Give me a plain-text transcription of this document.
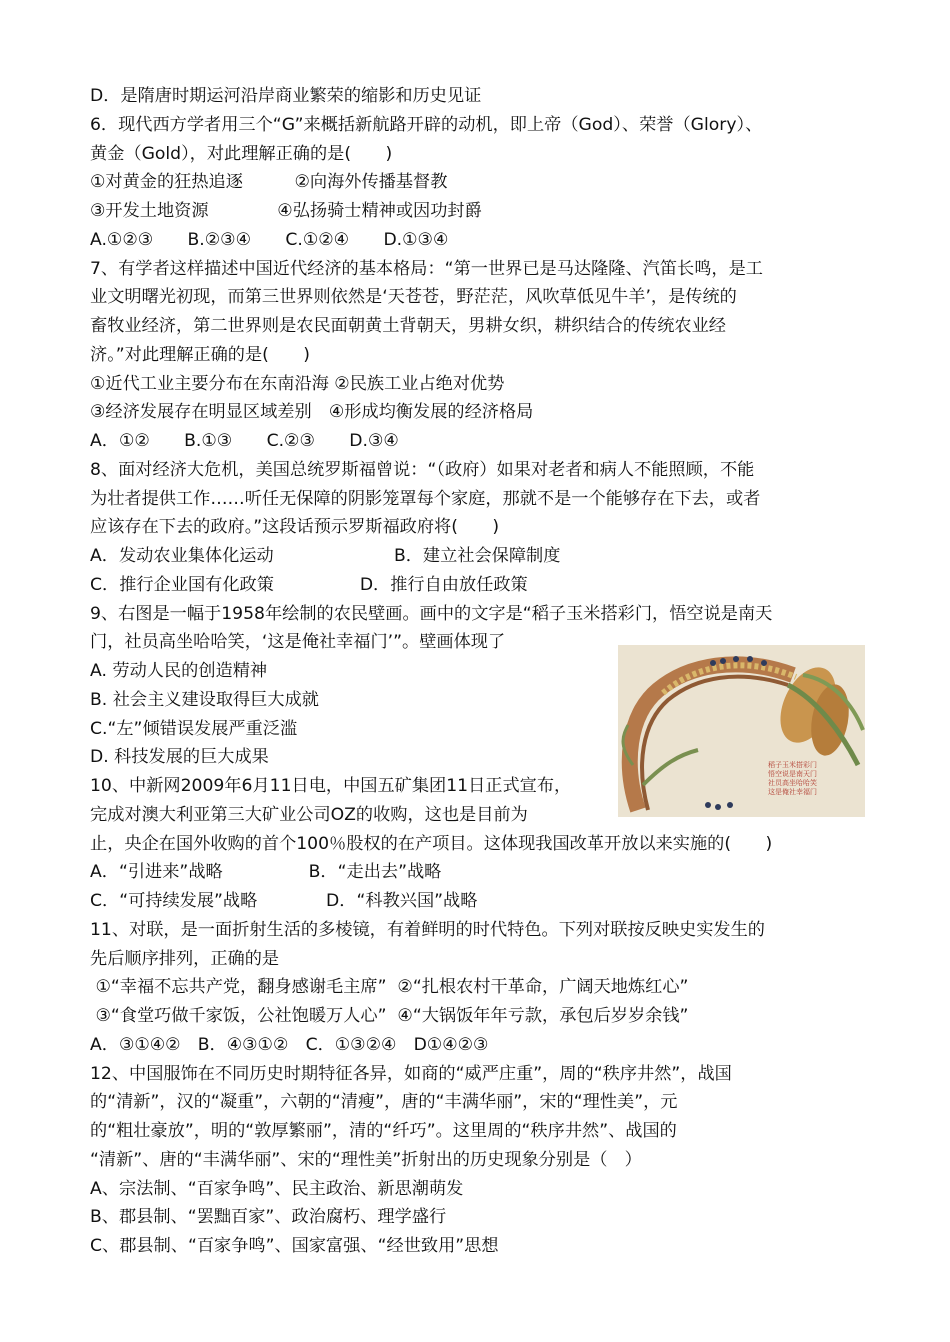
D．是隋唐时期运河沿岸商业繁荣的缩影和历史见证
6．现代西方学者用三个“G”来概括新航路开辟的动机，即上帝（God）、荣誉（Glory）、
黄金（Gold），对此理解正确的是(　　)
①对黄金的狂热追逐　　　②向海外传播基督教
③开发土地资源　　　　④弘扬骑士精神或因功封爵
A.①②③　　B.②③④　　C.①②④　　D.①③④
7、有学者这样描述中国近代经济的基本格局：“第一世界已是马达隆隆、汽笛长鸣，是工
业文明曙光初现，而第三世界则依然是‘天苍苍，野茫茫，风吹草低见牛羊’，是传统的
畜牧业经济，第二世界则是农民面朝黄土背朝天，男耕女织，耕织结合的传统农业经
济。”对此理解正确的是(　　)
①近代工业主要分布在东南沿海 ②民族工业占绝对优势
③经济发展存在明显区域差别　④形成均衡发展的经济格局
A．①②　　B.①③　　C.②③　　D.③④
8、面对经济大危机，美国总统罗斯福曾说：“（政府）如果对老者和病人不能照顾，不能
为壮者提供工作……听任无保障的阴影笼罩每个家庭，那就不是一个能够存在下去，或者
应该存在下去的政府。”这段话预示罗斯福政府将(　　)
A．发动农业集体化运动　　　　　　　B．建立社会保障制度
C．推行企业国有化政策　　　　　D．推行自由放任政策
9、右图是一幅于1958年绘制的农民壁画。画中的文字是“稻子玉米搭彩门，悟空说是南天
门，社员高坐哈哈笑，‘这是俺社幸福门’”。壁画体现了
A. 劳动人民的创造精神
B. 社会主义建设取得巨大成就
C.“左”倾错误发展严重泛滥
D. 科技发展的巨大成果
10、中新网2009年6月11日电，中国五矿集团11日正式宣布，
完成对澳大利亚第三大矿业公司OZ的收购，这也是目前为
止，央企在国外收购的首个100％股权的在产项目。这体现我国改革开放以来实施的(　　)
A．“引进来”战略　　　　　B．“走出去”战略
C．“可持续发展”战略　　　　D．“科教兴国”战略
11、对联，是一面折射生活的多棱镜，有着鲜明的时代特色。下列对联按反映史实发生的
先后顺序排列，正确的是
①“幸福不忘共产党，翻身感谢毛主席”  ②“扎根农村干革命，广阔天地炼红心”
③“食堂巧做千家饭，公社饱暖万人心”  ④“大锅饭年年亏款，承包后岁岁余钱”
A．③①④②　B．④③①②　C．①③②④　D①④②③
12、中国服饰在不同历史时期特征各异，如商的“威严庄重”，周的“秩序井然”，战国
的“清新”，汉的“凝重”，六朝的“清瘦”，唐的“丰满华丽”，宋的“理性美”，元
的“粗壮豪放”，明的“敦厚繁丽”，清的“纤巧”。这里周的“秩序井然”、战国的
“清新”、唐的“丰满华丽”、宋的“理性美”折射出的历史现象分别是（　）
A、宗法制、“百家争鸣”、民主政治、新思潮萌发
B、郡县制、“罢黜百家”、政治腐朽、理学盛行
C、郡县制、“百家争鸣”、国家富强、“经世致用”思想
稻子玉米搭彩门
悟空说是南天门
社员高坐哈哈笑
这是俺社幸福门
